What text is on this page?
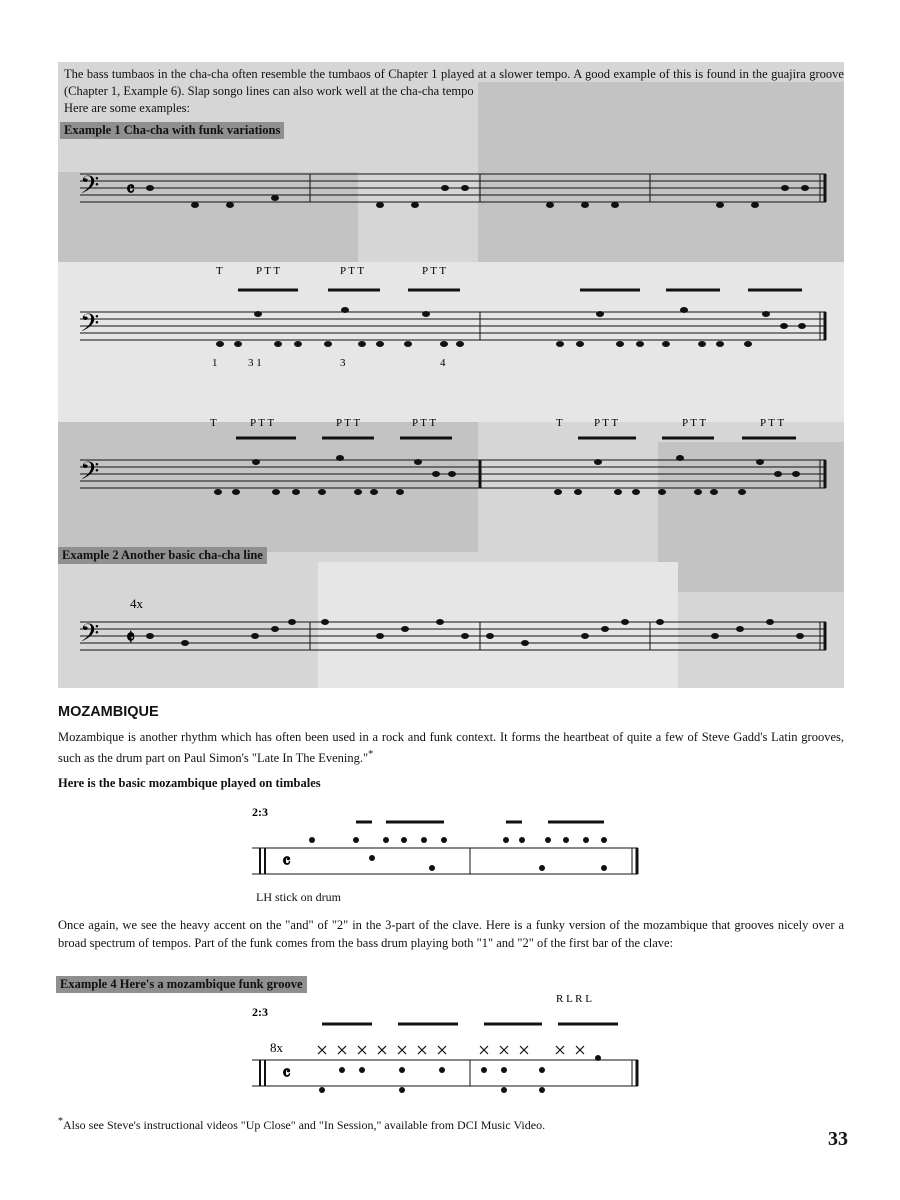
The bass tumbaos in the cha-cha often resemble the tumbaos of Chapter 1 played at a slower tempo. A good example of this is found in the guajira groove (Chapter 1, Example 6). Slap songo lines can also work well at the cha-cha tempo

Here are some examples:

Example 1 Cha-cha with funk variations
𝄢 𝄴
T	P T T	P T T	P T T
𝄢
1	3 1	3	4
T	P T T	P T T	P T T	T	P T T	P T T	P T T
𝄢
Example 2 Another basic cha-cha line
4x
𝄢 𝄵
MOZAMBIQUE

Mozambique is another rhythm which has often been used in a rock and funk context. It forms the heartbeat of quite a few of Steve Gadd's Latin grooves, such as the drum part on Paul Simon's "Late In The Evening."*

Here is the basic mozambique played on timbales
2:3
𝄴
LH stick on drum

Once again, we see the heavy accent on the "and" of "2" in the 3-part of the clave. Here is a funky version of the mozambique that grooves nicely over a broad spectrum of tempos. Part of the funk comes from the bass drum playing both "1" and "2" of the first bar of the clave:

Example 4 Here's a mozambique funk groove
2:3
R L R L
8x
𝄴
*Also see Steve's instructional videos "Up Close" and "In Session," available from DCI Music Video.
33
